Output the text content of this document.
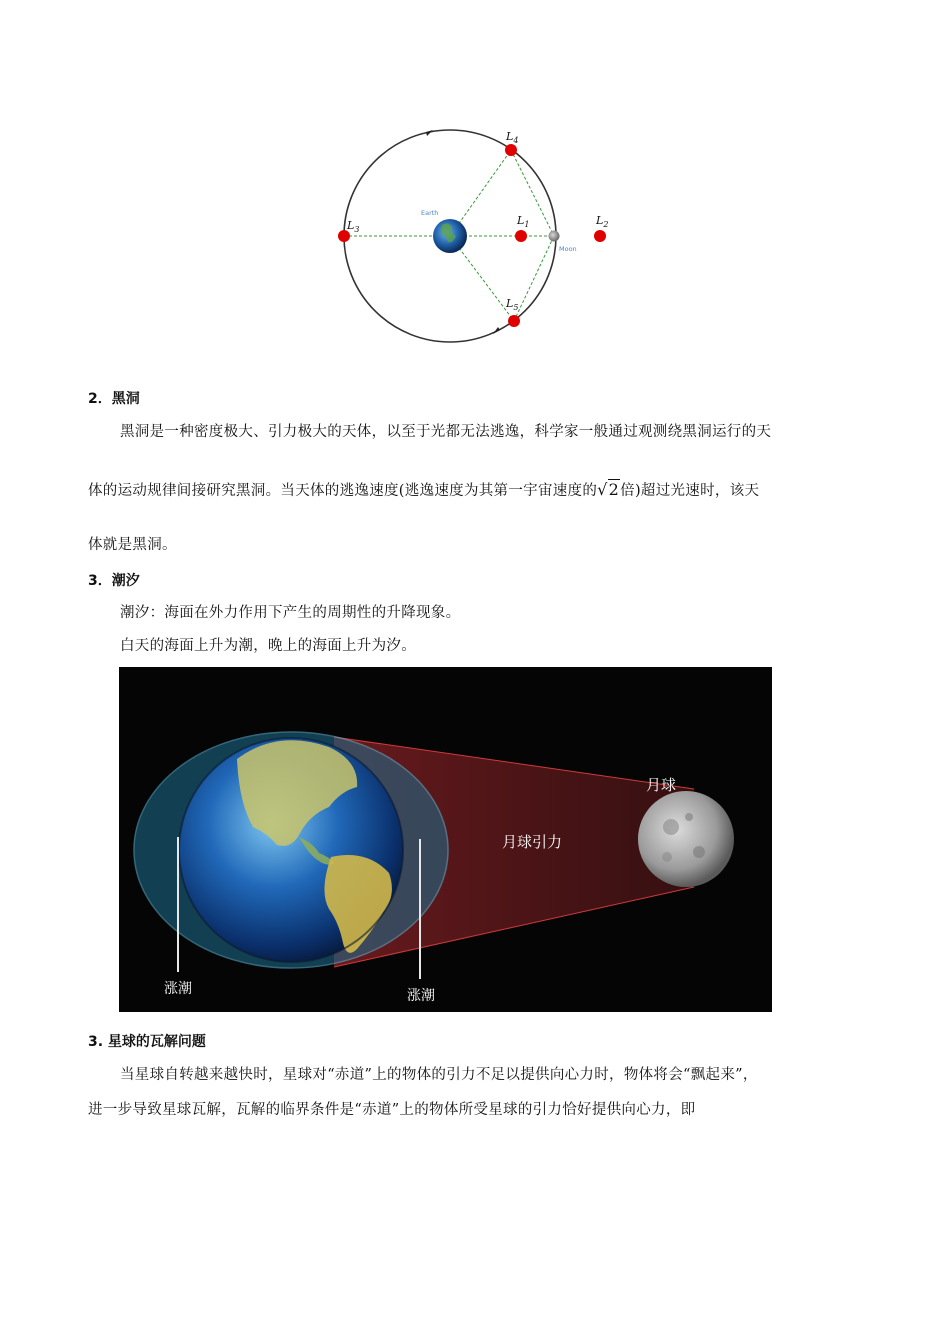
$L_4$
$L_3$
$L_1$	$L_2$
$L_5$
Earth
Moon
2．黑洞
黑洞是一种密度极大、引力极大的天体，以至于光都无法逃逸，科学家一般通过观测绕黑洞运行的天
体的运动规律间接研究黑洞。当天体的逃逸速度(逃逸速度为其第一宇宙速度的√2倍)超过光速时，该天
体就是黑洞。
3．潮汐
潮汐：海面在外力作用下产生的周期性的升降现象。
白天的海面上升为潮，晚上的海面上升为汐。
月球
月球引力
涨潮	涨潮
3. 星球的瓦解问题
当星球自转越来越快时，星球对“赤道”上的物体的引力不足以提供向心力时，物体将会“飘起来”，
进一步导致星球瓦解，瓦解的临界条件是“赤道”上的物体所受星球的引力恰好提供向心力，即
